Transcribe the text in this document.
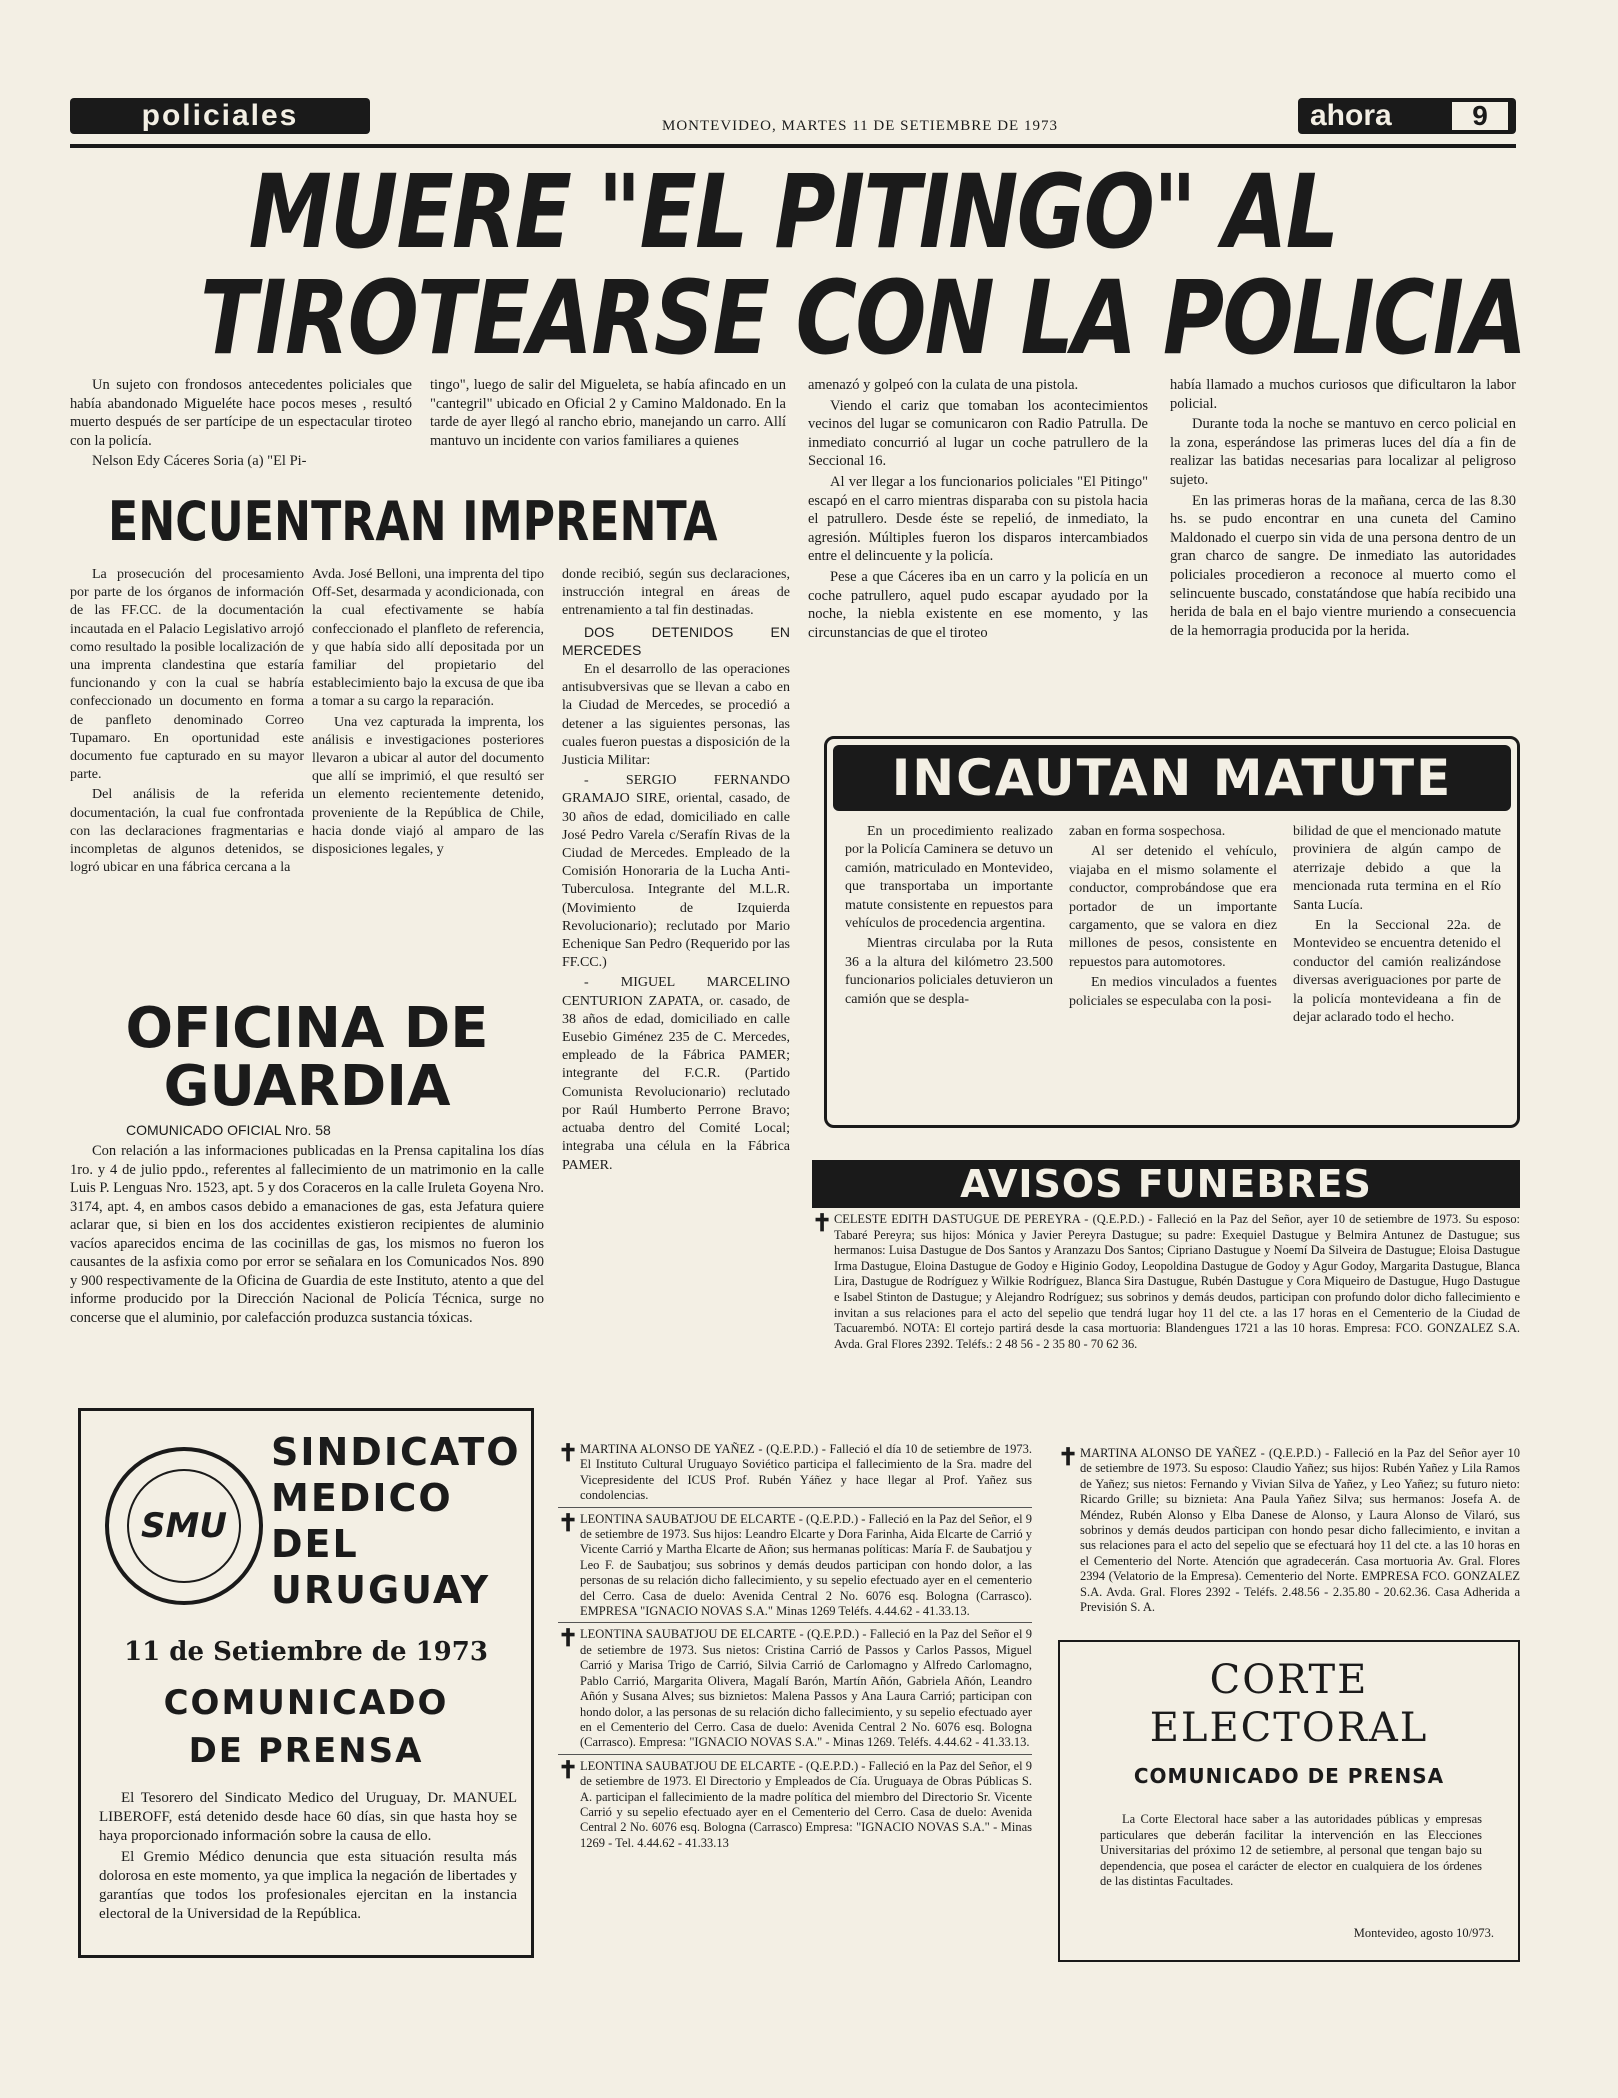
policiales	MONTEVIDEO, MARTES 11 DE SETIEMBRE DE 1973	ahora	9
MUERE "EL PITINGO" AL
TIROTEARSE CON LA POLICIA

Un sujeto con frondosos antecedentes policiales que había abandonado Migueléte hace pocos meses , resultó muerto después de ser partícipe de un espectacular tiroteo con la policía.

Nelson Edy Cáceres Soria (a) "El Pi-

tingo", luego de salir del Migueleta, se había afincado en un "cantegril" ubicado en Oficial 2 y Camino Maldonado. En la tarde de ayer llegó al rancho ebrio, manejando un carro. Allí mantuvo un incidente con varios familiares a quienes

amenazó y golpeó con la culata de una pistola.

Viendo el cariz que tomaban los acontecimientos vecinos del lugar se comunicaron con Radio Patrulla. De inmediato concurrió al lugar un coche patrullero de la Seccional 16.

Al ver llegar a los funcionarios policiales "El Pitingo" escapó en el carro mientras disparaba con su pistola hacia el patrullero. Desde éste se repelió, de inmediato, la agresión. Múltiples fueron los disparos intercambiados entre el delincuente y la policía.

Pese a que Cáceres iba en un carro y la policía en un coche patrullero, aquel pudo escapar ayudado por la noche, la niebla existente en ese momento, y las circunstancias de que el tiroteo

había llamado a muchos curiosos que dificultaron la labor policial.

Durante toda la noche se mantuvo en cerco policial en la zona, esperándose las primeras luces del día a fin de realizar las batidas necesarias para localizar al peligroso sujeto.

En las primeras horas de la mañana, cerca de las 8.30 hs. se pudo encontrar en una cuneta del Camino Maldonado el cuerpo sin vida de una persona dentro de un gran charco de sangre. De inmediato las autoridades policiales procedieron a reconoce al muerto como el selincuente buscado, constatándose que había recibido una herida de bala en el bajo vientre muriendo a consecuencia de la hemorragia producida por la herida.

ENCUENTRAN IMPRENTA

La prosecución del procesamiento por parte de los órganos de información de las FF.CC. de la documentación incautada en el Palacio Legislativo arrojó como resultado la posible localización de una imprenta clandestina que estaría funcionando y con la cual se habría confeccionado un documento en forma de panfleto denominado Correo Tupamaro. En oportunidad este documento fue capturado en su mayor parte.

Del análisis de la referida documentación, la cual fue confrontada con las declaraciones fragmentarias e incompletas de algunos detenidos, se logró ubicar en una fábrica cercana a la

Avda. José Belloni, una imprenta del tipo Off-Set, desarmada y acondicionada, con la cual efectivamente se había confeccionado el planfleto de referencia, y que había sido allí depositada por un familiar del propietario del establecimiento bajo la excusa de que iba a tomar a su cargo la reparación.

Una vez capturada la imprenta, los análisis e investigaciones posteriores llevaron a ubicar al autor del documento que allí se imprimió, el que resultó ser un elemento recientemente detenido, proveniente de la República de Chile, hacia donde viajó al amparo de las disposiciones legales, y

donde recibió, según sus declaraciones, instrucción integral en áreas de entrenamiento a tal fin destinadas.

DOS DETENIDOS EN MERCEDES

En el desarrollo de las operaciones antisubversivas que se llevan a cabo en la Ciudad de Mercedes, se procedió a detener a las siguientes personas, las cuales fueron puestas a disposición de la Justicia Militar:

- SERGIO FERNANDO GRAMAJO SIRE, oriental, casado, de 30 años de edad, domiciliado en calle José Pedro Varela c/Serafín Rivas de la Ciudad de Mercedes. Empleado de la Comisión Honoraria de la Lucha Anti-Tuberculosa. Integrante del M.L.R. (Movimiento de Izquierda Revolucionario); reclutado por Mario Echenique San Pedro (Requerido por las FF.CC.)

- MIGUEL MARCELINO CENTURION ZAPATA, or. casado, de 38 años de edad, domiciliado en calle Eusebio Giménez 235 de C. Mercedes, empleado de la Fábrica PAMER; integrante del F.C.R. (Partido Comunista Revolucionario) reclutado por Raúl Humberto Perrone Bravo; actuaba dentro del Comité Local; integraba una célula en la Fábrica PAMER.

OFICINA DE
GUARDIA
COMUNICADO OFICIAL Nro. 58

Con relación a las informaciones publicadas en la Prensa capitalina los días 1ro. y 4 de julio ppdo., referentes al fallecimiento de un matrimonio en la calle Luis P. Lenguas Nro. 1523, apt. 5 y dos Coraceros en la calle Iruleta Goyena Nro. 3174, apt. 4, en ambos casos debido a emanaciones de gas, esta Jefatura quiere aclarar que, si bien en los dos accidentes existieron recipientes de aluminio vacíos aparecidos encima de las cocinillas de gas, los mismos no fueron los causantes de la asfixia como por error se señalara en los Comunicados Nos. 890 y 900 respectivamente de la Oficina de Guardia de este Instituto, atento a que del informe producido por la Dirección Nacional de Policía Técnica, surge no concerse que el aluminio, por calefacción produzca sustancia tóxicas.

INCAUTAN MATUTE

En un procedimiento realizado por la Policía Caminera se detuvo un camión, matriculado en Montevideo, que transportaba un importante matute consistente en repuestos para vehículos de procedencia argentina.

Mientras circulaba por la Ruta 36 a la altura del kilómetro 23.500 funcionarios policiales detuvieron un camión que se despla-

zaban en forma sospechosa.

Al ser detenido el vehículo, viajaba en el mismo solamente el conductor, comprobándose que era portador de un importante cargamento, que se valora en diez millones de pesos, consistente en repuestos para automotores.

En medios vinculados a fuentes policiales se especulaba con la posi-

bilidad de que el mencionado matute proviniera de algún campo de aterrizaje debido a que la mencionada ruta termina en el Río Santa Lucía.

En la Seccional 22a. de Montevideo se encuentra detenido el conductor del camión realizándose diversas averiguaciones por parte de la policía montevideana a fin de dejar aclarado todo el hecho.

AVISOS FUNEBRES
✝ CELESTE EDITH DASTUGUE DE PEREYRA - (Q.E.P.D.) - Falleció en la Paz del Señor, ayer 10 de setiembre de 1973. Su esposo: Tabaré Pereyra; sus hijos: Mónica y Javier Pereyra Dastugue; su padre: Exequiel Dastugue y Belmira Antunez de Dastugue; sus hermanos: Luisa Dastugue de Dos Santos y Aranzazu Dos Santos; Cipriano Dastugue y Noemí Da Silveira de Dastugue; Eloisa Dastugue Irma Dastugue, Eloina Dastugue de Godoy e Higinio Godoy, Leopoldina Dastugue de Godoy y Agur Godoy, Margarita Dastugue, Blanca Lira, Dastugue de Rodríguez y Wilkie Rodríguez, Blanca Sira Dastugue, Rubén Dastugue y Cora Miqueiro de Dastugue, Hugo Dastugue e Isabel Stinton de Dastugue; y Alejandro Rodríguez; sus sobrinos y demás deudos, participan con profundo dolor dicho fallecimiento e invitan a sus relaciones para el acto del sepelio que tendrá lugar hoy 11 del cte. a las 17 horas en el Cementerio de la Ciudad de Tacuarembó. NOTA: El cortejo partirá desde la casa mortuoria: Blandengues 1721 a las 10 horas. Empresa: FCO. GONZALEZ S.A. Avda. Gral Flores 2392. Teléfs.: 2 48 56 - 2 35 80 - 70 62 36.
✝ MARTINA ALONSO DE YAÑEZ - (Q.E.P.D.) - Falleció el día 10 de setiembre de 1973. El Instituto Cultural Uruguayo Soviético participa el fallecimiento de la Sra. madre del Vicepresidente del ICUS Prof. Rubén Yáñez y hace llegar al Prof. Yañez sus condolencias.
✝ LEONTINA SAUBATJOU DE ELCARTE - (Q.E.P.D.) - Falleció en la Paz del Señor, el 9 de setiembre de 1973. Sus hijos: Leandro Elcarte y Dora Farinha, Aida Elcarte de Carrió y Vicente Carrió y Martha Elcarte de Añon; sus hermanas políticas: María F. de Saubatjou y Leo F. de Saubatjou; sus sobrinos y demás deudos participan con hondo dolor, a las personas de su relación dicho fallecimiento, y su sepelio efectuado ayer en el cementerio del Cerro. Casa de duelo: Avenida Central 2 No. 6076 esq. Bologna (Carrasco). EMPRESA "IGNACIO NOVAS S.A." Minas 1269 Teléfs. 4.44.62 - 41.33.13.
✝ LEONTINA SAUBATJOU DE ELCARTE - (Q.E.P.D.) - Falleció en la Paz del Señor el 9 de setiembre de 1973. Sus nietos: Cristina Carrió de Passos y Carlos Passos, Miguel Carrió y Marisa Trigo de Carrió, Silvia Carrió de Carlomagno y Alfredo Carlomagno, Pablo Carrió, Margarita Olivera, Magalí Barón, Martín Añón, Gabriela Añón, Leandro Añón y Susana Alves; sus biznietos: Malena Passos y Ana Laura Carrió; participan con hondo dolor, a las personas de su relación dicho fallecimiento, y su sepelio efectuado ayer en el Cementerio del Cerro. Casa de duelo: Avenida Central 2 No. 6076 esq. Bologna (Carrasco). Empresa: "IGNACIO NOVAS S.A." - Minas 1269. Teléfs. 4.44.62 - 41.33.13.
✝ LEONTINA SAUBATJOU DE ELCARTE - (Q.E.P.D.) - Falleció en la Paz del Señor, el 9 de setiembre de 1973. El Directorio y Empleados de Cía. Uruguaya de Obras Públicas S. A. participan el fallecimiento de la madre política del miembro del Directorio Sr. Vicente Carrió y su sepelio efectuado ayer en el Cementerio del Cerro. Casa de duelo: Avenida Central 2 No. 6076 esq. Bologna (Carrasco) Empresa: "IGNACIO NOVAS S.A." - Minas 1269 - Tel. 4.44.62 - 41.33.13
✝ MARTINA ALONSO DE YAÑEZ - (Q.E.P.D.) - Falleció en la Paz del Señor ayer 10 de setiembre de 1973. Su esposo: Claudio Yañez; sus hijos: Rubén Yañez y Lila Ramos de Yañez; sus nietos: Fernando y Vivian Silva de Yañez, y Leo Yañez; su futuro nieto: Ricardo Grille; su biznieta: Ana Paula Yañez Silva; sus hermanos: Josefa A. de Méndez, Rubén Alonso y Elba Danese de Alonso, y Laura Alonso de Vilaró, sus sobrinos y demás deudos participan con hondo pesar dicho fallecimiento, e invitan a sus relaciones para el acto del sepelio que se efectuará hoy 11 del cte. a las 10 horas en el Cementerio del Norte. Atención que agradecerán. Casa mortuoria Av. Gral. Flores 2394 (Velatorio de la Empresa). Cementerio del Norte. EMPRESA FCO. GONZALEZ S.A. Avda. Gral. Flores 2392 - Teléfs. 2.48.56 - 2.35.80 - 20.62.36. Casa Adherida a Previsión S. A.
SMU
SINDICATO
MEDICO
DEL
URUGUAY
11 de Setiembre de 1973
COMUNICADO
DE PRENSA

El Tesorero del Sindicato Medico del Uruguay, Dr. MANUEL LIBEROFF, está detenido desde hace 60 días, sin que hasta hoy se haya proporcionado información sobre la causa de ello.

El Gremio Médico denuncia que esta situación resulta más dolorosa en este momento, ya que implica la negación de libertades y garantías que todos los profesionales ejercitan en la instancia electoral de la Universidad de la República.

CORTE
ELECTORAL
COMUNICADO DE PRENSA

La Corte Electoral hace saber a las autoridades públicas y empresas particulares que deberán facilitar la intervención en las Elecciones Universitarias del próximo 12 de setiembre, al personal que tengan bajo su dependencia, que posea el carácter de elector en cualquiera de los órdenes de las distintas Facultades.

Montevideo, agosto 10/973.
